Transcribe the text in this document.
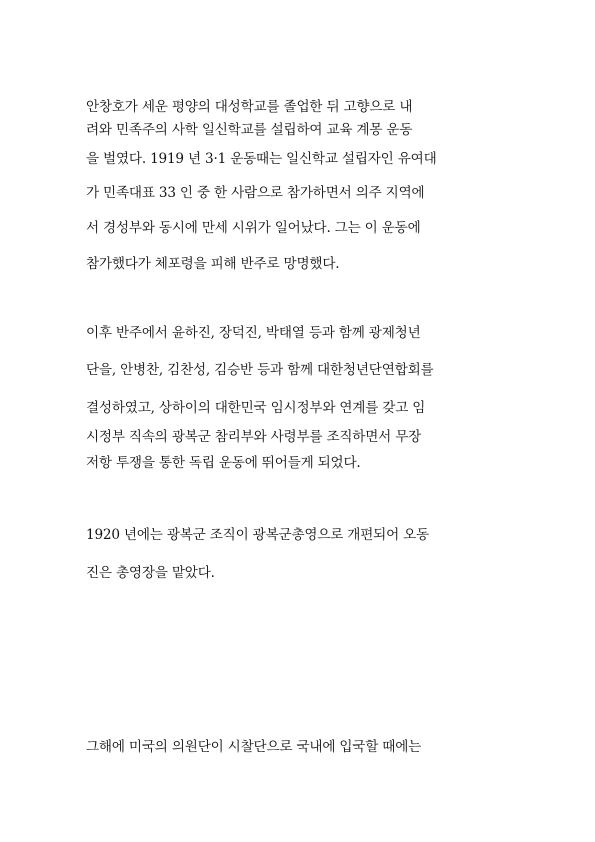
안창호가 세운 평양의 대성학교를 졸업한 뒤 고향으로 내
려와 민족주의 사학 일신학교를 설립하여 교육 계몽 운동
을 벌였다. 1919 년 3·1 운동때는 일신학교 설립자인 유여대
가 민족대표 33 인 중 한 사람으로 참가하면서 의주 지역에
서 경성부와 동시에 만세 시위가 일어났다. 그는 이 운동에
참가했다가 체포령을 피해 반주로 망명했다.
이후 반주에서 윤하진, 장덕진, 박태열 등과 함께 광제청년
단을, 안병찬, 김찬성, 김승반 등과 함께 대한청년단연합회를
결성하였고, 상하이의 대한민국 임시정부와 연계를 갖고 임
시정부 직속의 광복군 참리부와 사령부를 조직하면서 무장
저항 투쟁을 통한 독립 운동에 뛰어들게 되었다.
1920 년에는 광복군 조직이 광복군총영으로 개편되어 오동
진은 총영장을 맡았다.
그해에 미국의 의원단이 시찰단으로 국내에 입국할 때에는
